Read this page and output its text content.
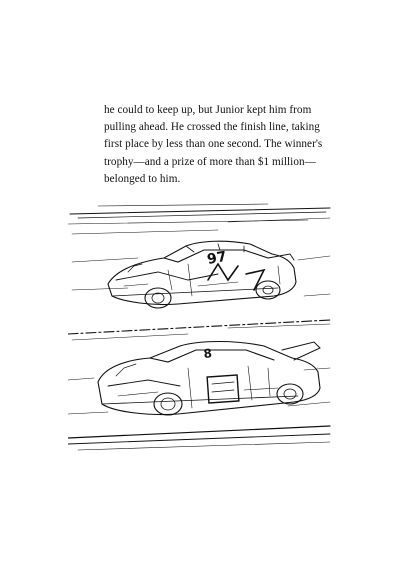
he could to keep up, but Junior kept him from
pulling ahead. He crossed the finish line, taking
first place by less than one second. The winner's
trophy—and a prize of more than $1 million—
belonged to him.
97
8
